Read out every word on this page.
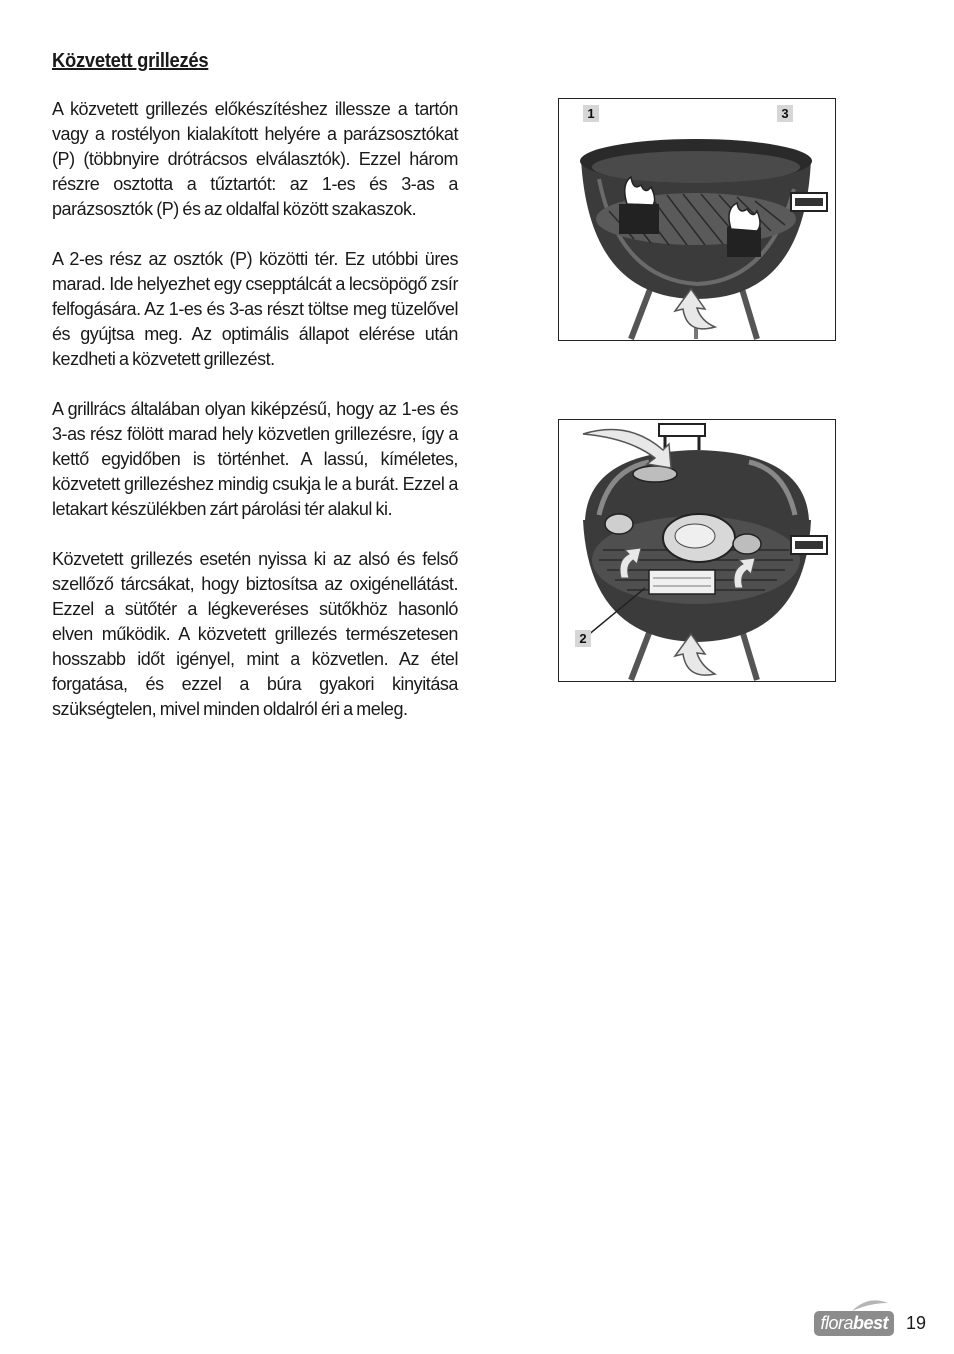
Közvetett grillezés

A közvetett grillezés előkészítéshez illessze a tartón vagy a rostélyon kialakított helyére a parázsosztókat (P) (többnyire drótrácsos elválasztók). Ezzel három részre osztotta a tűztartót: az 1-es és 3-as a parázsosztók (P) és az oldalfal között szakaszok.

A 2-es rész az osztók (P) közötti tér. Ez utóbbi üres marad. Ide helyezhet egy csepptálcát a lecsöpögő zsír felfogására. Az 1-es és 3-as részt töltse meg tüzelővel és gyújtsa meg. Az optimális állapot elérése után kezdheti a közvetett grillezést.

A grillrács általában olyan kiképzésű, hogy az 1-es és 3-as rész fölött marad hely közvetlen grillezésre, így a kettő egyidőben is történhet. A lassú, kíméletes, közvetett grillezéshez mindig csukja le a burát. Ezzel a letakart készülékben zárt párolási tér alakul ki.

Közvetett grillezés esetén nyissa ki az alsó és felső szellőző tárcsákat, hogy biztosítsa az oxigénellátást. Ezzel a sütőtér a légkeveréses sütőkhöz hasonló elven működik. A közvetett grillezés természetesen hosszabb időt igényel, mint a közvetlen. Az étel forgatása, és ezzel a búra gyakori kinyitása szükségtelen, mivel minden oldalról éri a meleg.

1	3
2
florabest	19
